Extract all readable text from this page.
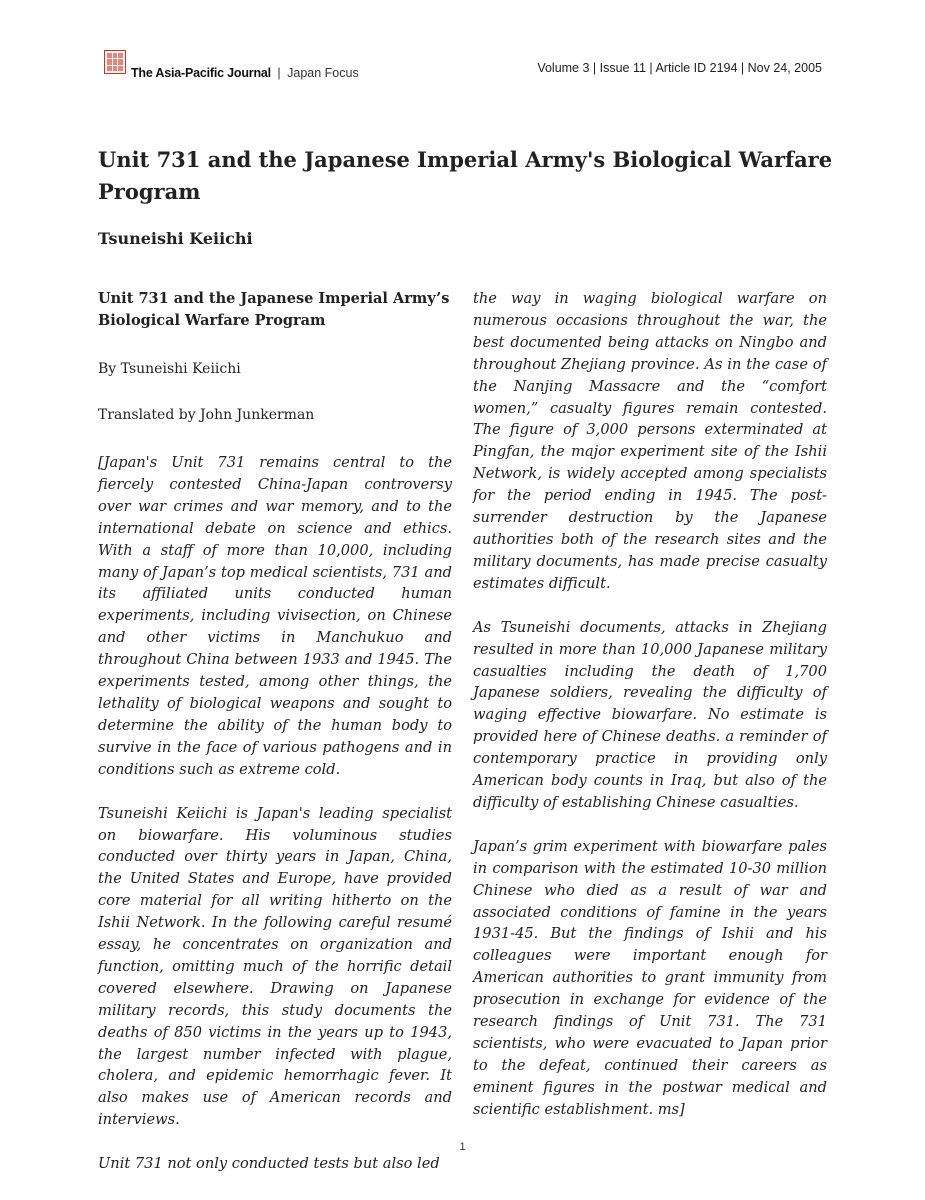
The Asia-Pacific Journal | Japan Focus	Volume 3 | Issue 11 | Article ID 2194 | Nov 24, 2005
Unit 731 and the Japanese Imperial Army's Biological Warfare Program
Tsuneishi Keiichi

Unit 731 and the Japanese Imperial Army’s Biological Warfare Program

By Tsuneishi Keiichi

Translated by John Junkerman

[Japan's Unit 731 remains central to the fiercely contested China-Japan controversy over war crimes and war memory, and to the international debate on science and ethics. With a staff of more than 10,000, including many of Japan’s top medical scientists, 731 and its affiliated units conducted human experiments, including vivisection, on Chinese and other victims in Manchukuo and throughout China between 1933 and 1945. The experiments tested, among other things, the lethality of biological weapons and sought to determine the ability of the human body to survive in the face of various pathogens and in conditions such as extreme cold.

Tsuneishi Keiichi is Japan's leading specialist on biowarfare. His voluminous studies conducted over thirty years in Japan, China, the United States and Europe, have provided core material for all writing hitherto on the Ishii Network. In the following careful resumé essay, he concentrates on organization and function, omitting much of the horrific detail covered elsewhere. Drawing on Japanese military records, this study documents the deaths of 850 victims in the years up to 1943, the largest number infected with plague, cholera, and epidemic hemorrhagic fever. It also makes use of American records and interviews.

Unit 731 not only conducted tests but also led

the way in waging biological warfare on numerous occasions throughout the war, the best documented being attacks on Ningbo and throughout Zhejiang province. As in the case of the Nanjing Massacre and the “comfort women,” casualty figures remain contested. The figure of 3,000 persons exterminated at Pingfan, the major experiment site of the Ishii Network, is widely accepted among specialists for the period ending in 1945. The post-surrender destruction by the Japanese authorities both of the research sites and the military documents, has made precise casualty estimates difficult.

As Tsuneishi documents, attacks in Zhejiang resulted in more than 10,000 Japanese military casualties including the death of 1,700 Japanese soldiers, revealing the difficulty of waging effective biowarfare. No estimate is provided here of Chinese deaths. a reminder of contemporary practice in providing only American body counts in Iraq, but also of the difficulty of establishing Chinese casualties.

Japan’s grim experiment with biowarfare pales in comparison with the estimated 10-30 million Chinese who died as a result of war and associated conditions of famine in the years 1931-45. But the findings of Ishii and his colleagues were important enough for American authorities to grant immunity from prosecution in exchange for evidence of the research findings of Unit 731. The 731 scientists, who were evacuated to Japan prior to the defeat, continued their careers as eminent figures in the postwar medical and scientific establishment. ms]

1
